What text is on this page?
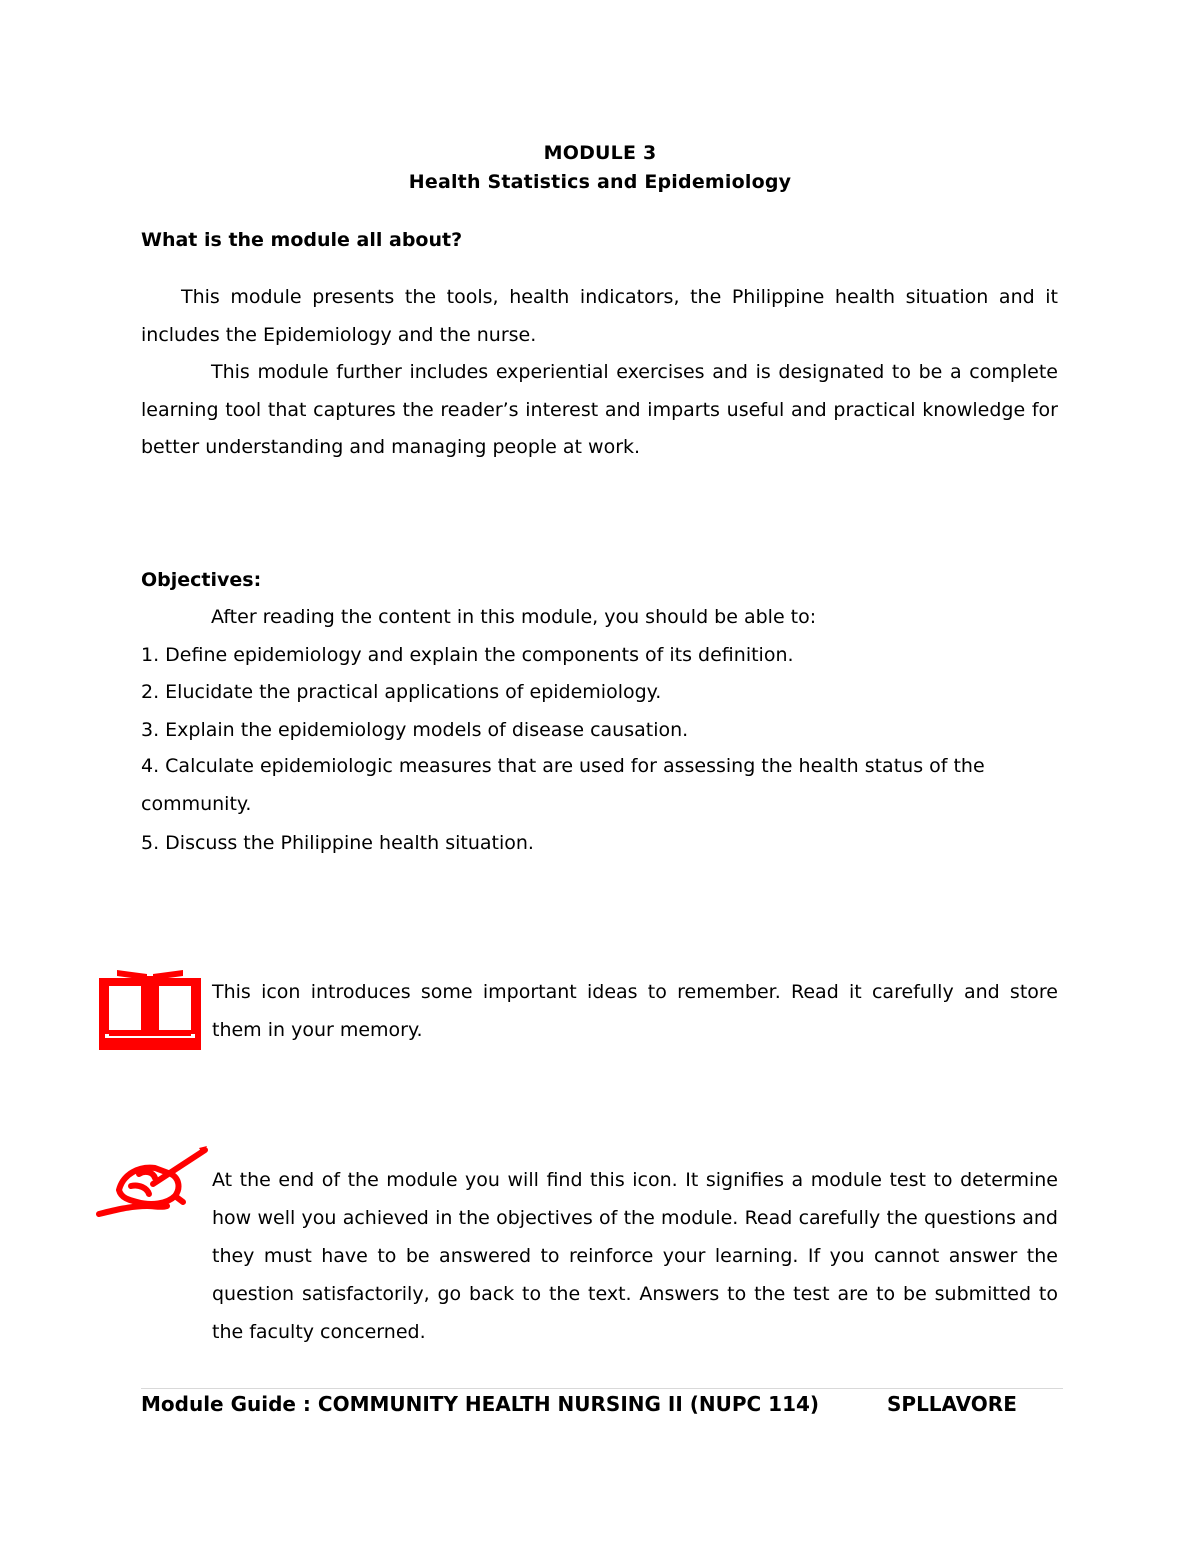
MODULE 3
Health Statistics and Epidemiology
What is the module all about?

This module presents the tools, health indicators, the Philippine health situation and it includes the Epidemiology and the nurse.

This module further includes experiential exercises and is designated to be a complete learning tool that captures the reader’s interest and imparts useful and practical knowledge for better understanding and managing people at work.

Objectives:
After reading the content in this module, you should be able to:
1. Define epidemiology and explain the components of its definition.
2. Elucidate the practical applications of epidemiology.
3. Explain the epidemiology models of disease causation.

4. Calculate epidemiologic measures that are used for assessing the health status of the community.

5. Discuss the Philippine health situation.

This icon introduces some important ideas to remember. Read it carefully and store them in your memory.

At the end of the module you will find this icon. It signifies a module test to determine how well you achieved in the objectives of the module. Read carefully the questions and they must have to be answered to reinforce your learning. If you cannot answer the question satisfactorily, go back to the text. Answers to the test are to be submitted to the faculty concerned.

Module Guide : COMMUNITY HEALTH NURSING II (NUPC 114)	SPLLAVORE
